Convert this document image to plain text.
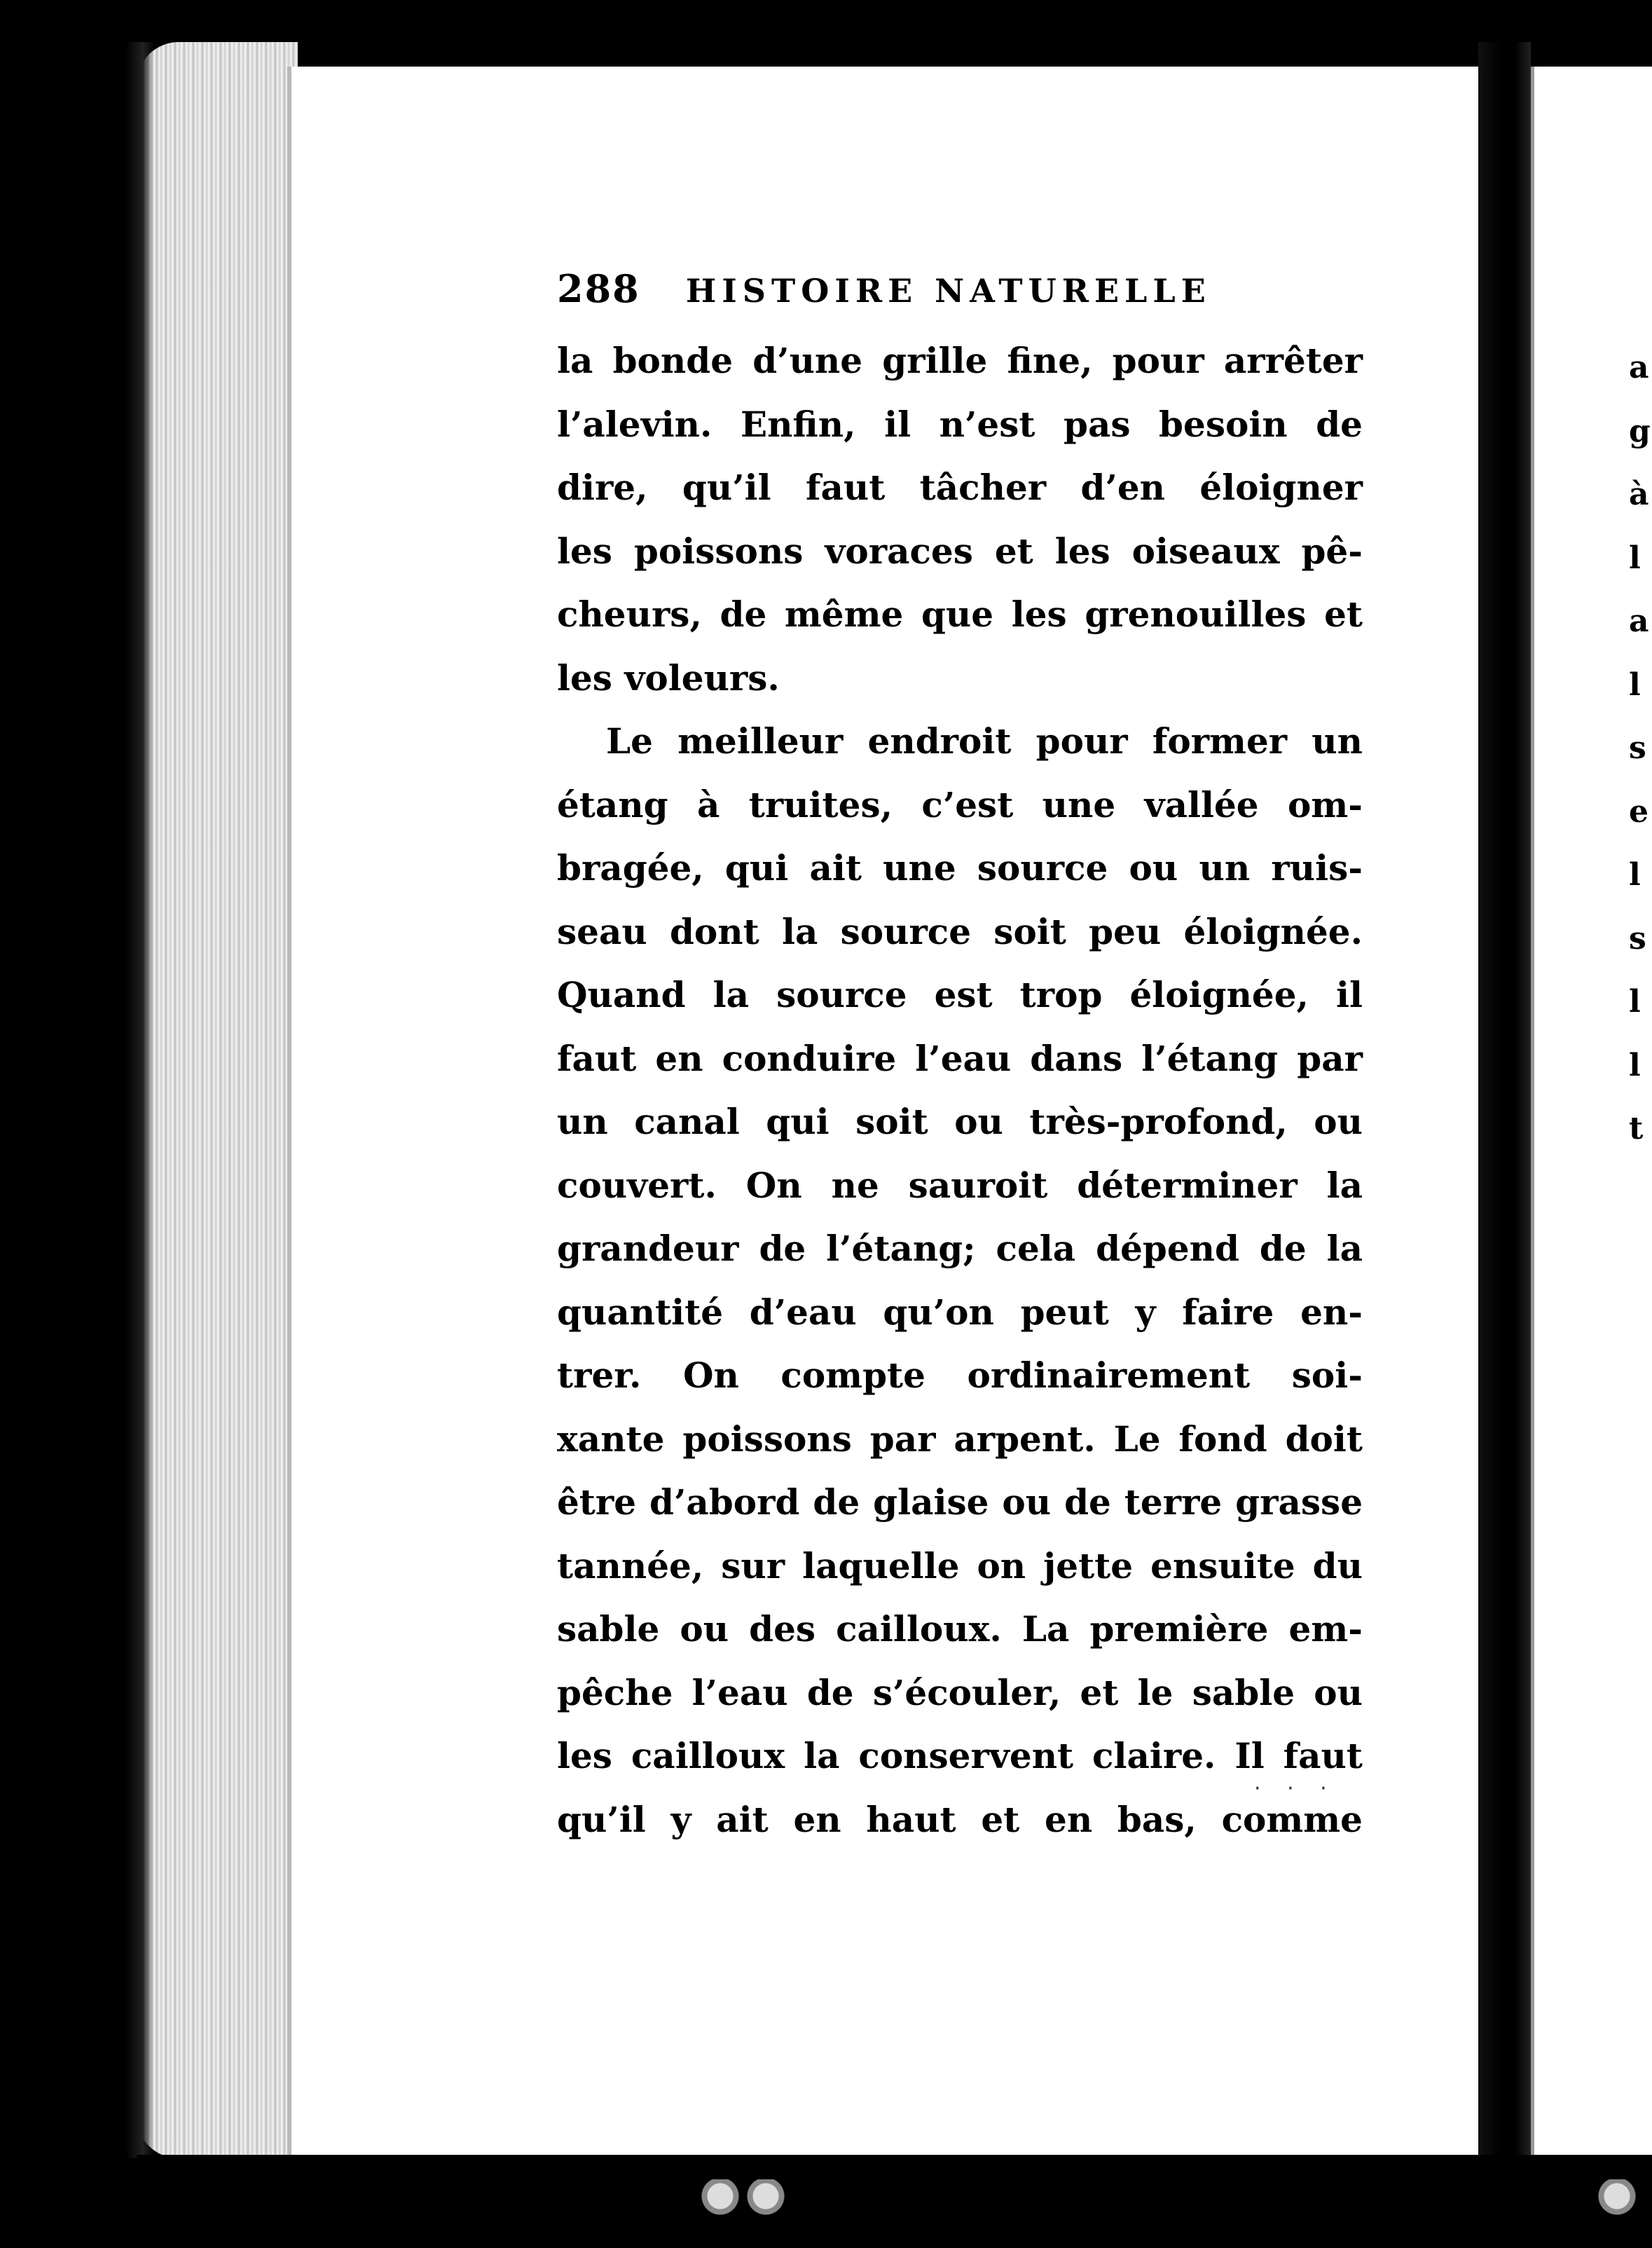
288 HISTOIRE NATURELLE
la bonde d’une grille fine, pour arrêter
l’alevin. Enfin, il n’est pas besoin de
dire, qu’il faut tâcher d’en éloigner
les poissons voraces et les oiseaux pê-
cheurs, de même que les grenouilles et
les voleurs.
Le meilleur endroit pour former un
étang à truites, c’est une vallée om-
bragée, qui ait une source ou un ruis-
seau dont la source soit peu éloignée.
Quand la source est trop éloignée, il
faut en conduire l’eau dans l’étang par
un canal qui soit ou très-profond, ou
couvert. On ne sauroit déterminer la
grandeur de l’étang; cela dépend de la
quantité d’eau qu’on peut y faire en-
trer. On compte ordinairement soi-
xante poissons par arpent. Le fond doit
être d’abord de glaise ou de terre grasse
tannée, sur laquelle on jette ensuite du
sable ou des cailloux. La première em-
pêche l’eau de s’écouler, et le sable ou
les cailloux la conservent claire. Il faut
qu’il y ait en haut et en bas, comme
a
g
à
l
a
l
s
e
l
s
l
l
t
· · ·
